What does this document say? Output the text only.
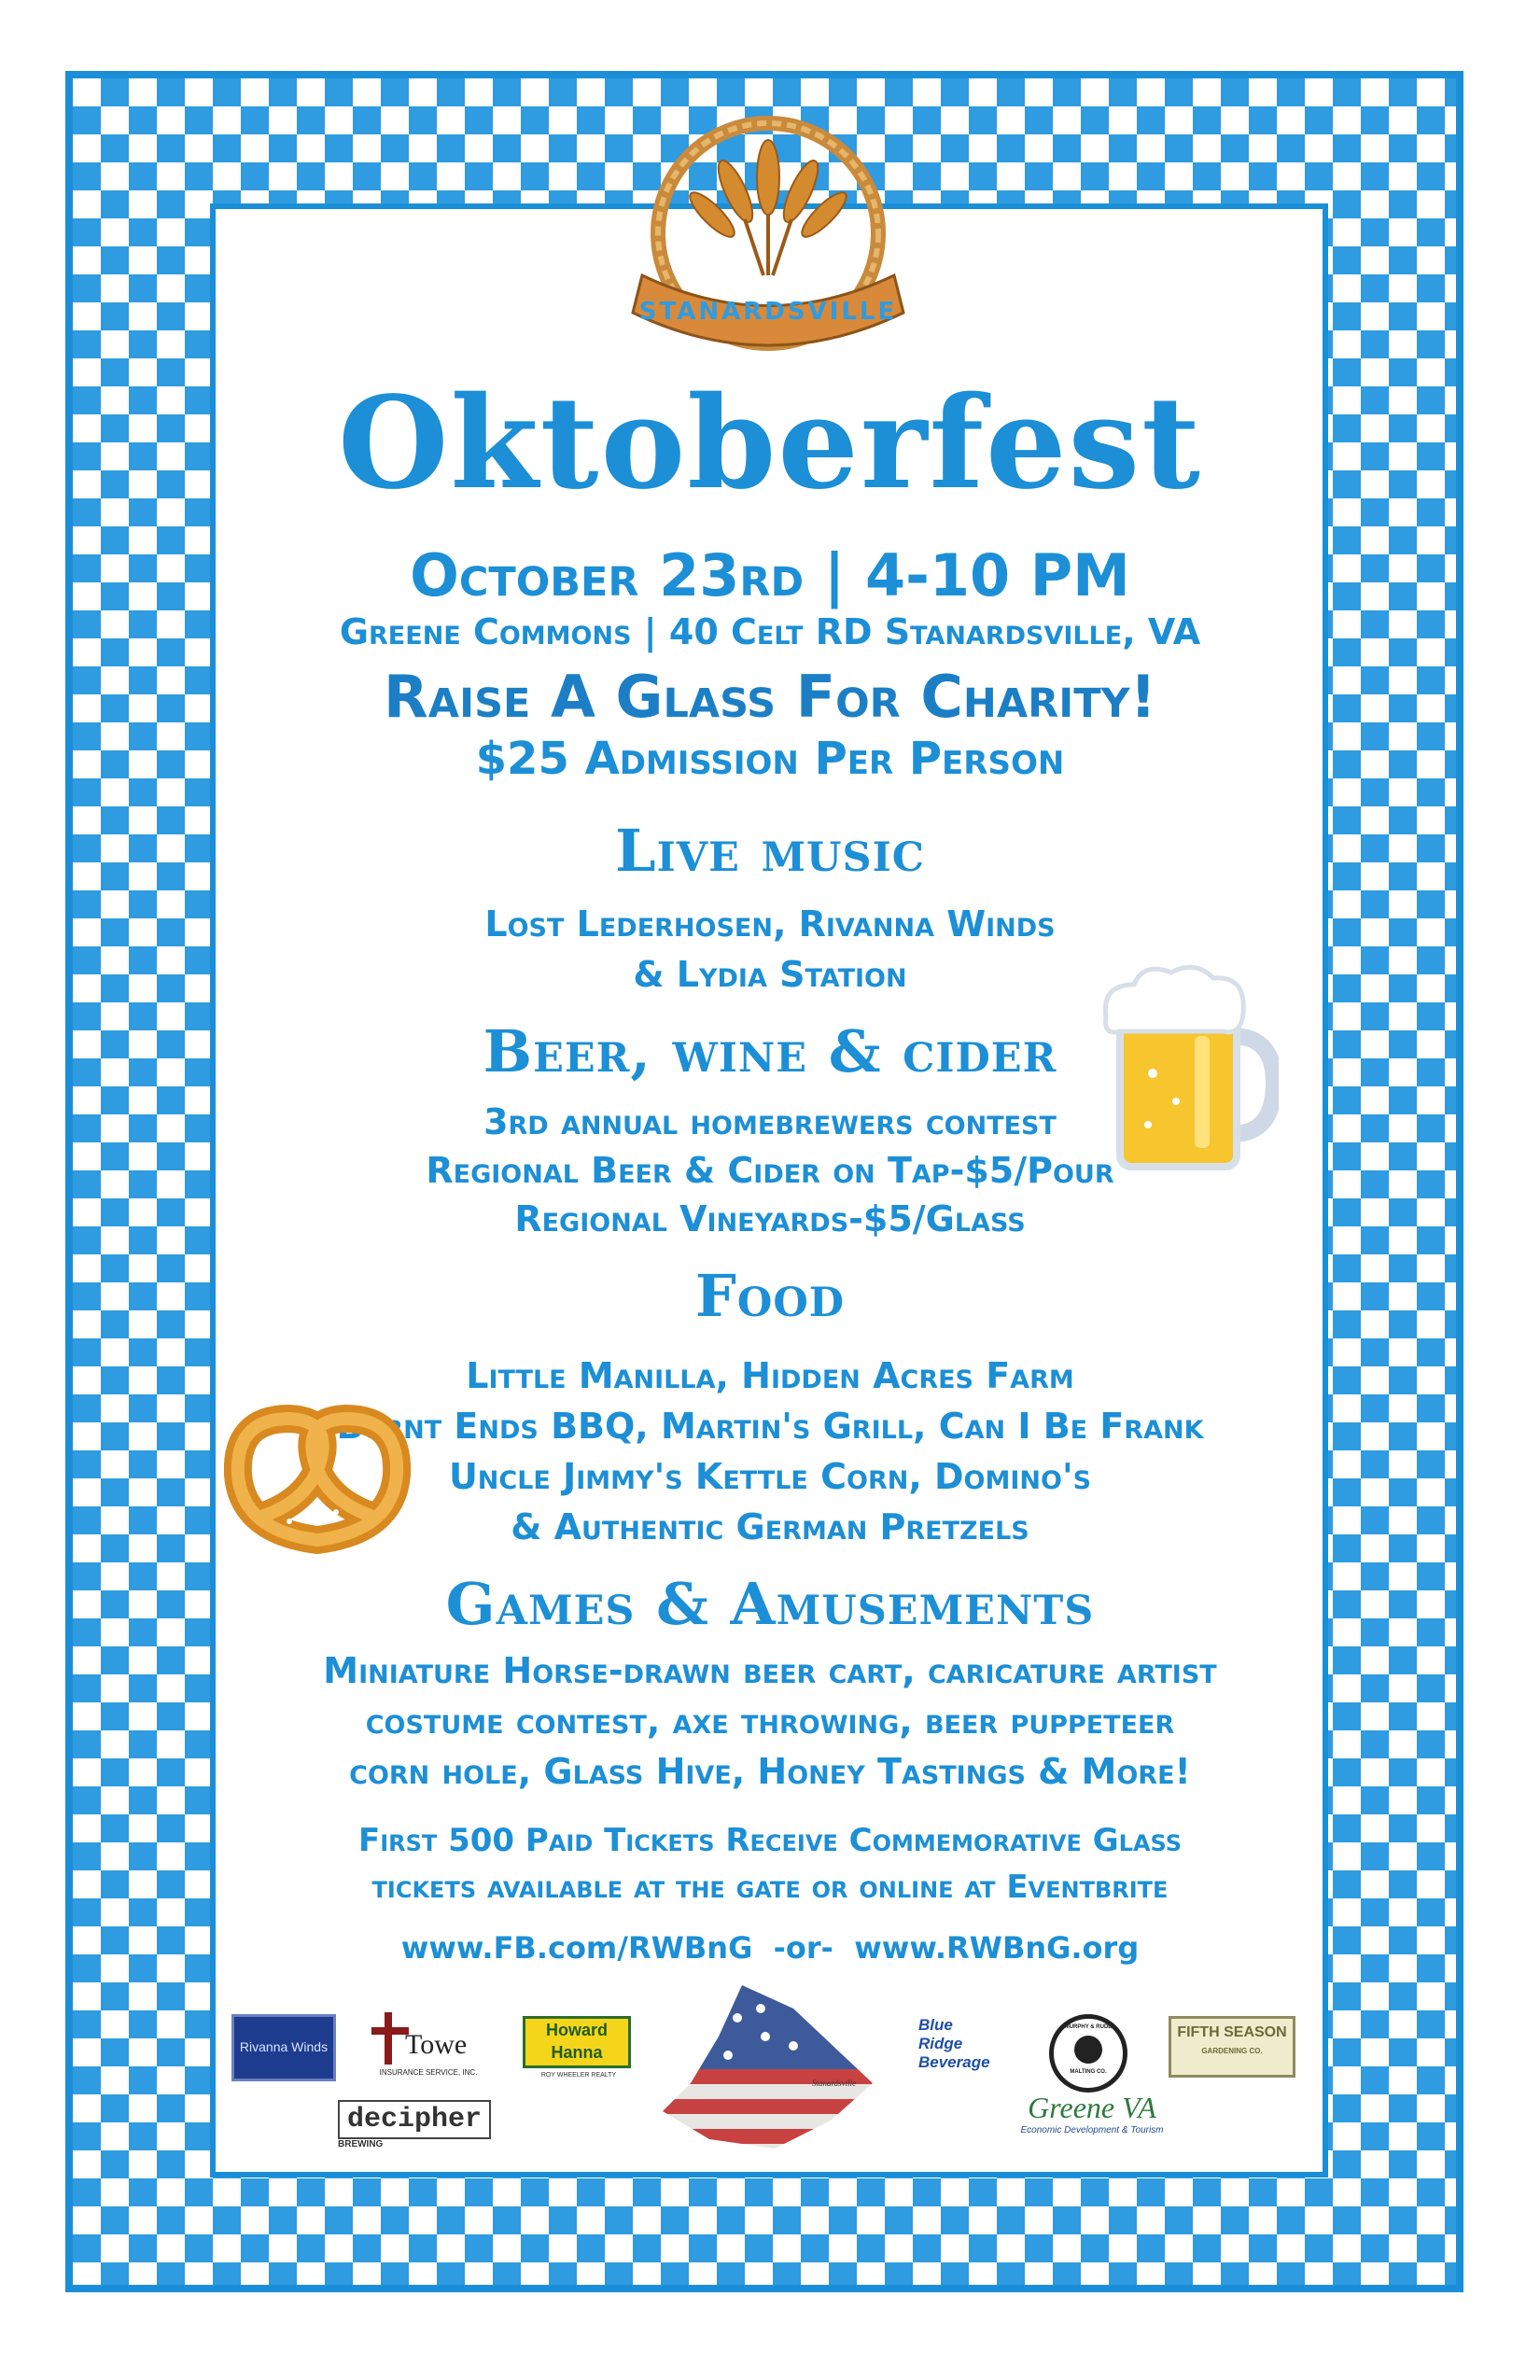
STANARDSVILLE
Oktoberfest
October 23rd | 4-10 PM
Greene Commons | 40 Celt RD Stanardsville, VA
Raise A Glass For Charity!
$25 Admission Per Person
Live music
Lost Lederhosen, Rivanna Winds
& Lydia Station
Beer, wine & cider
3rd annual homebrewers contest
Regional Beer & Cider on Tap-$5/Pour
Regional Vineyards-$5/Glass
Food
Little Manilla, Hidden Acres Farm
Burnt Ends BBQ, Martin's Grill, Can I Be Frank
Uncle Jimmy's Kettle Corn, Domino's
& Authentic German Pretzels
Games & Amusements
Miniature Horse-drawn beer cart, caricature artist
costume contest, axe throwing, beer puppeteer
corn hole, Glass Hive, Honey Tastings & More!
First 500 Paid Tickets Receive Commemorative Glass
tickets available at the gate or online at Eventbrite
www.FB.com/RWBnG  -or-  www.RWBnG.org
Rivanna Winds	Towe
INSURANCE SERVICE, INC.
Howard
Hanna
ROY WHEELER REALTY
Stanardsville
Blue
Ridge
Beverage
MURPHY & RUDE
MALTING CO.
FIFTH SEASON
GARDENING CO.
decipher
BREWING
Greene VA
Economic Development & Tourism
